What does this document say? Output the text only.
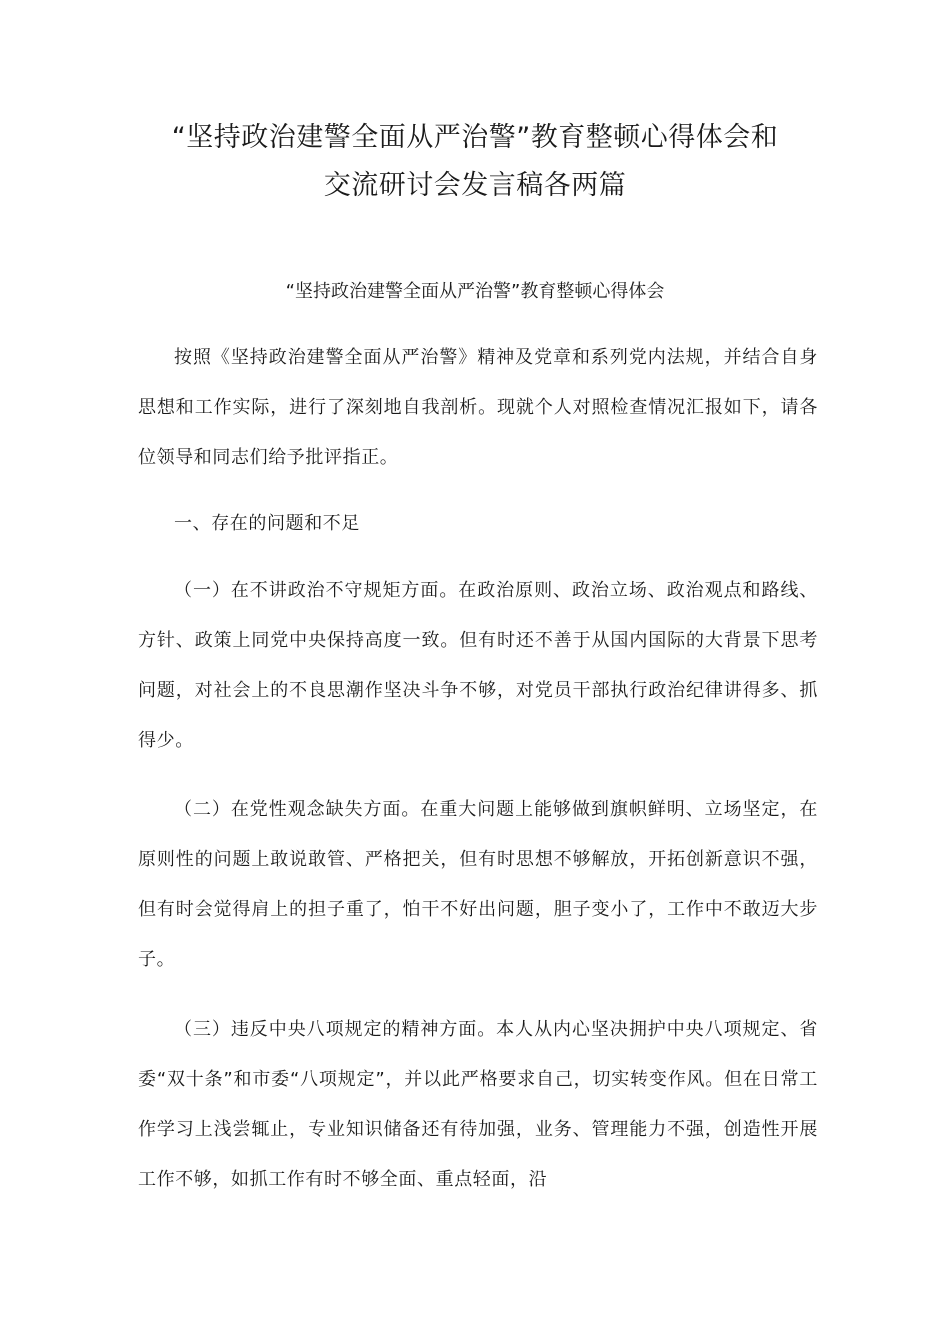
“坚持政治建警全面从严治警”教育整顿心得体会和
交流研讨会发言稿各两篇
“坚持政治建警全面从严治警”教育整顿心得体会

按照《坚持政治建警全面从严治警》精神及党章和系列党内法规，并结合自身思想和工作实际，进行了深刻地自我剖析。现就个人对照检查情况汇报如下，请各位领导和同志们给予批评指正。

一、存在的问题和不足

（一）在不讲政治不守规矩方面。在政治原则、政治立场、政治观点和路线、方针、政策上同党中央保持高度一致。但有时还不善于从国内国际的大背景下思考问题，对社会上的不良思潮作坚决斗争不够，对党员干部执行政治纪律讲得多、抓得少。

（二）在党性观念缺失方面。在重大问题上能够做到旗帜鲜明、立场坚定，在原则性的问题上敢说敢管、严格把关，但有时思想不够解放，开拓创新意识不强，但有时会觉得肩上的担子重了，怕干不好出问题，胆子变小了，工作中不敢迈大步子。

（三）违反中央八项规定的精神方面。本人从内心坚决拥护中央八项规定、省委“双十条”和市委“八项规定”，并以此严格要求自己，切实转变作风。但在日常工作学习上浅尝辄止，专业知识储备还有待加强，业务、管理能力不强，创造性开展工作不够，如抓工作有时不够全面、重点轻面，沿
